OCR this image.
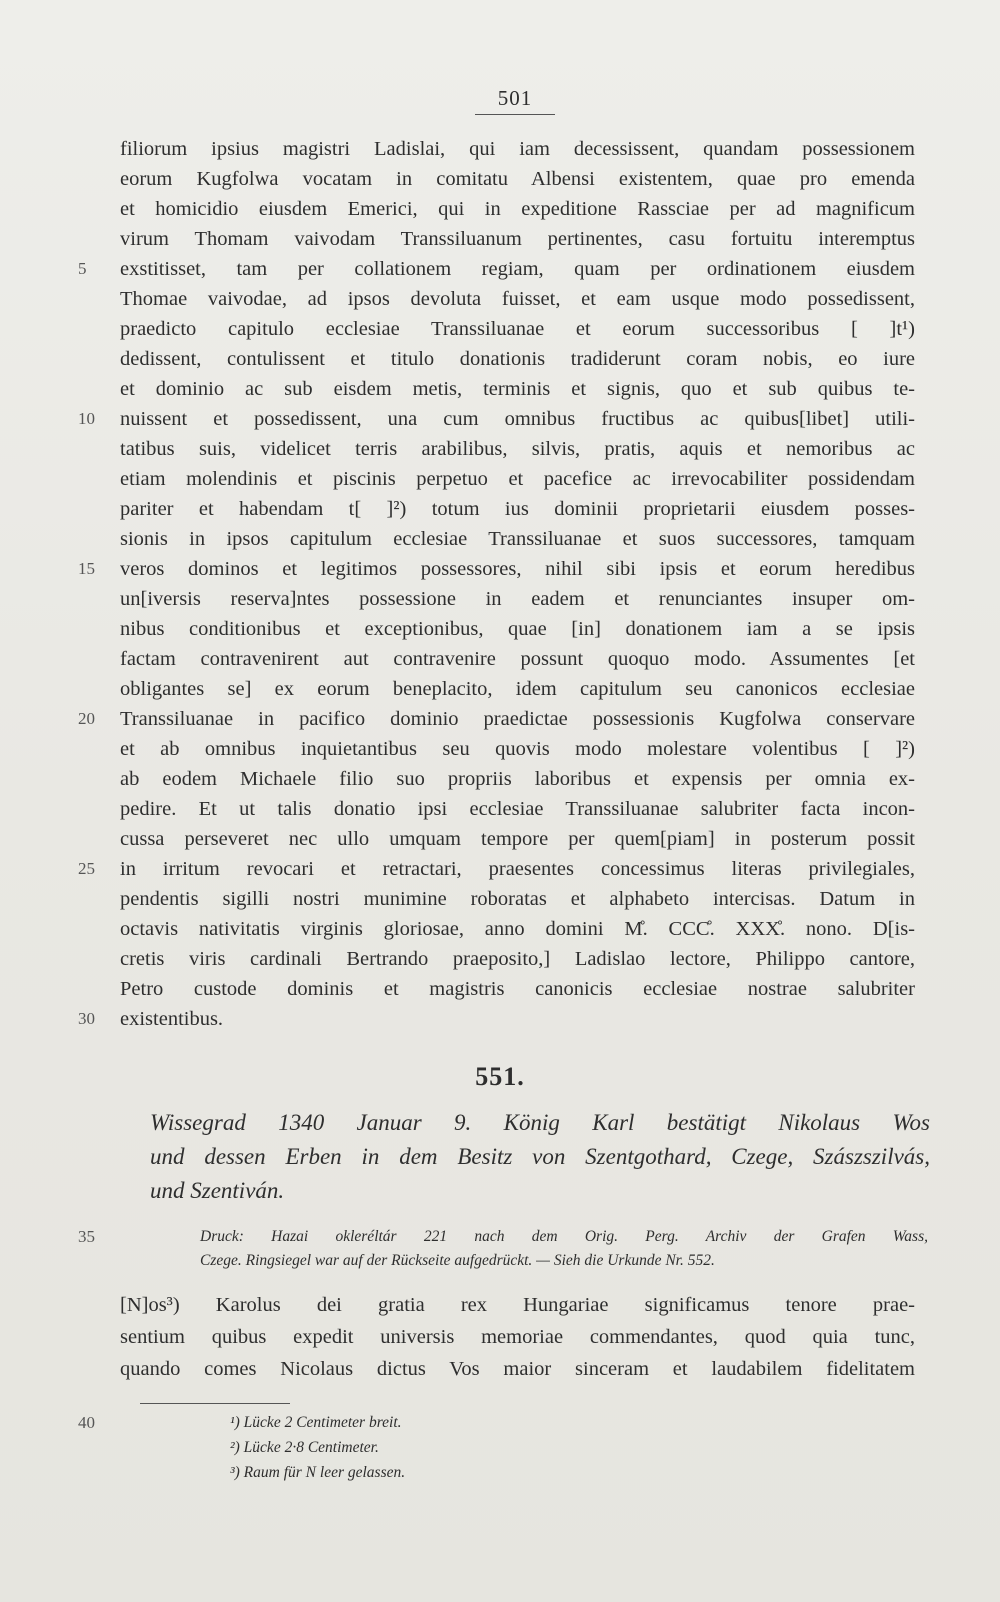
501
filiorum ipsius magistri Ladislai, qui iam decessissent, quandam possessionem
eorum Kugfolwa vocatam in comitatu Albensi existentem, quae pro emenda
et homicidio eiusdem Emerici, qui in expeditione Rassciae per ad magnificum
virum Thomam vaivodam Transsiluanum pertinentes, casu fortuitu interemptus
exstitisset, tam per collationem regiam, quam per ordinationem eiusdem
5
Thomae vaivodae, ad ipsos devoluta fuisset, et eam usque modo possedissent,
praedicto capitulo ecclesiae Transsiluanae et eorum successoribus [ ]t¹)
dedissent, contulissent et titulo donationis tradiderunt coram nobis, eo iure
et dominio ac sub eisdem metis, terminis et signis, quo et sub quibus te-
nuissent et possedissent, una cum omnibus fructibus ac quibus[libet] utili-
10
tatibus suis, videlicet terris arabilibus, silvis, pratis, aquis et nemoribus ac
etiam molendinis et piscinis perpetuo et pacefice ac irrevocabiliter possidendam
pariter et habendam t[ ]²) totum ius dominii proprietarii eiusdem posses-
sionis in ipsos capitulum ecclesiae Transsiluanae et suos successores, tamquam
veros dominos et legitimos possessores, nihil sibi ipsis et eorum heredibus
15
un[iversis reserva]ntes possessione in eadem et renunciantes insuper om-
nibus conditionibus et exceptionibus, quae [in] donationem iam a se ipsis
factam contravenirent aut contravenire possunt quoquo modo. Assumentes [et
obligantes se] ex eorum beneplacito, idem capitulum seu canonicos ecclesiae
Transsiluanae in pacifico dominio praedictae possessionis Kugfolwa conservare
20
et ab omnibus inquietantibus seu quovis modo molestare volentibus [ ]²)
ab eodem Michaele filio suo propriis laboribus et expensis per omnia ex-
pedire. Et ut talis donatio ipsi ecclesiae Transsiluanae salubriter facta incon-
cussa perseveret nec ullo umquam tempore per quem[piam] in posterum possit
in irritum revocari et retractari, praesentes concessimus literas privilegiales,
25
pendentis sigilli nostri munimine roboratas et alphabeto intercisas. Datum in
octavis nativitatis virginis gloriosae, anno domini M̊. CCC̊. XXX̊. nono. D[is-
cretis viris cardinali Bertrando praeposito,] Ladislao lectore, Philippo cantore,
Petro custode dominis et magistris canonicis ecclesiae nostrae salubriter
existentibus.
30
551.
Wissegrad 1340 Januar 9. König Karl bestätigt Nikolaus Wos
und dessen Erben in dem Besitz von Szentgothard, Czege, Szászszilvás,
und Szentiván.
35	Druck: Hazai okleréltár 221 nach dem Orig. Perg. Archiv der Grafen Wass,
Czege. Ringsiegel war auf der Rückseite aufgedrückt. — Sieh die Urkunde Nr. 552.
[N]os³) Karolus dei gratia rex Hungariae significamus tenore prae-
sentium quibus expedit universis memoriae commendantes, quod quia tunc,
quando comes Nicolaus dictus Vos maior sinceram et laudabilem fidelitatem
40	¹) Lücke 2 Centimeter breit.
²) Lücke 2·8 Centimeter.
³) Raum für N leer gelassen.
